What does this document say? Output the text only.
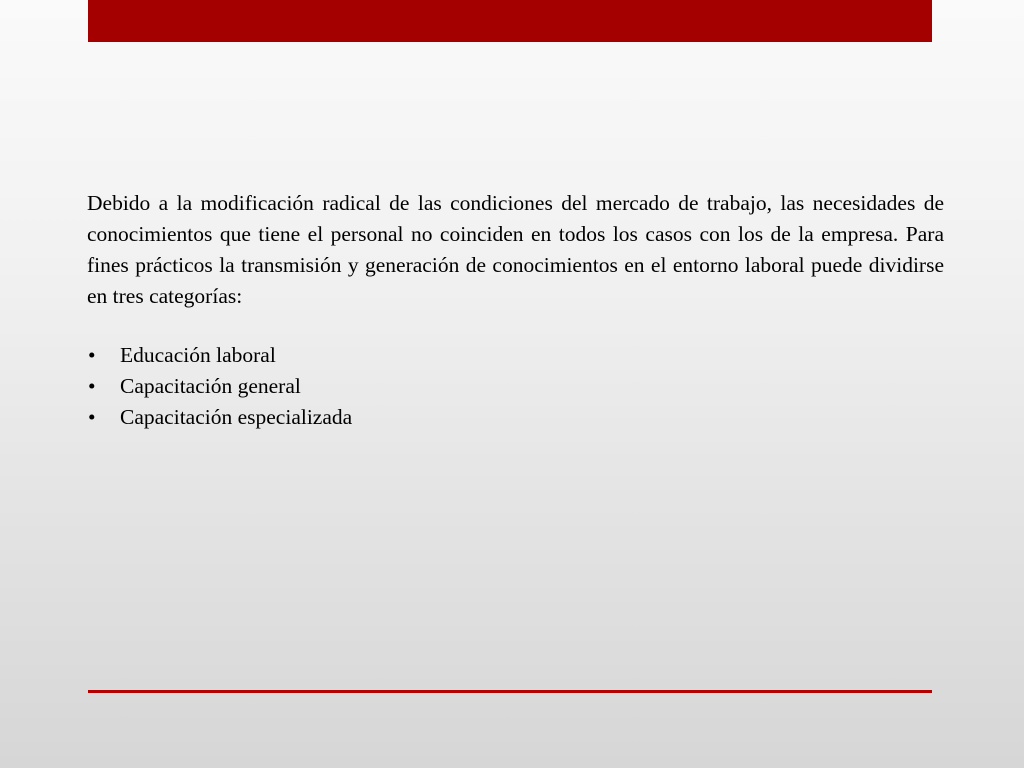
Debido a la modificación radical de las condiciones del mercado de trabajo, las necesidades de conocimientos que tiene el personal no coinciden en todos los casos con los de la empresa. Para fines prácticos la transmisión y generación de conocimientos en el entorno laboral puede dividirse en tres categorías:

•	Educación laboral
•	Capacitación general
•	Capacitación especializada
